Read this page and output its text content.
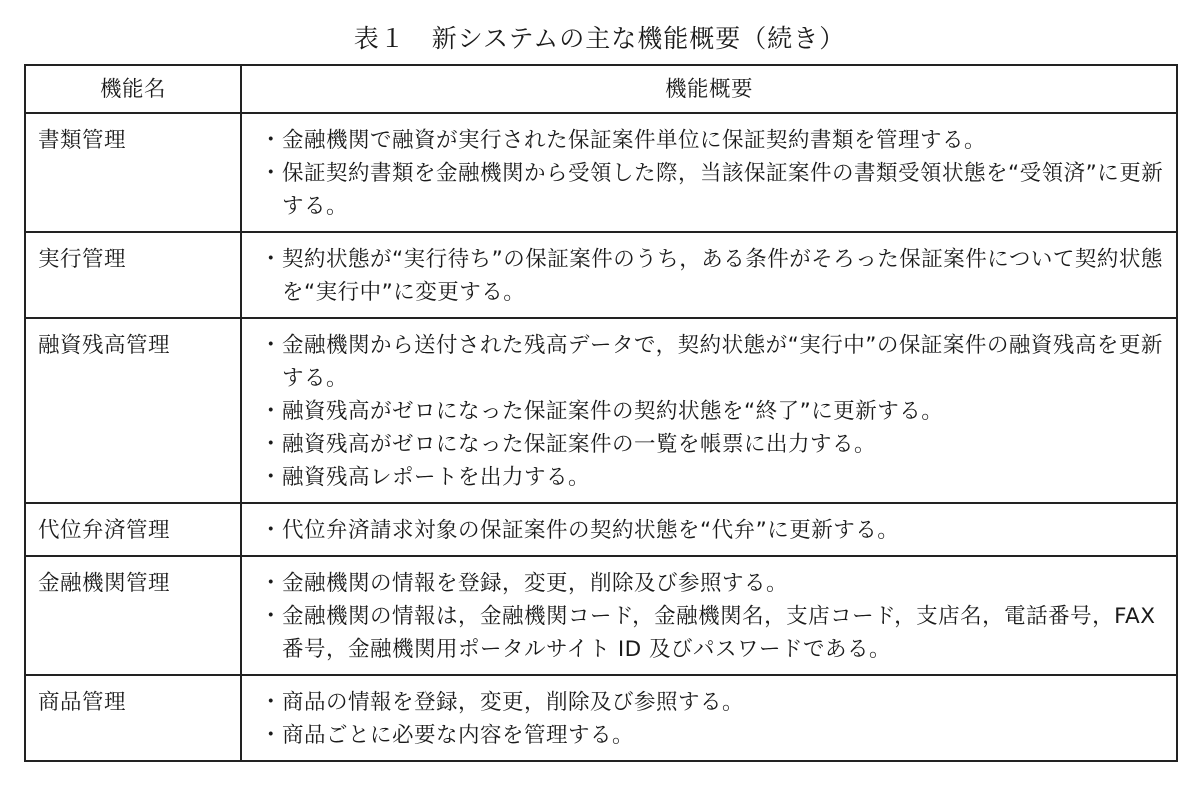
表１　新システムの主な機能概要（続き）
機能名	機能概要
書類管理	・ 金融機関で融資が実行された保証案件単位に保証契約書類を管理する。
・ 保証契約書類を金融機関から受領した際，当該保証案件の書類受領状態を“受領済”に更新する。

実行管理	・ 契約状態が“実行待ち”の保証案件のうち，ある条件がそろった保証案件について契約状態を“実行中”に変更する。

融資残高管理	・ 金融機関から送付された残高データで，契約状態が“実行中”の保証案件の融資残高を更新する。
・ 融資残高がゼロになった保証案件の契約状態を“終了”に更新する。
・ 融資残高がゼロになった保証案件の一覧を帳票に出力する。
・ 融資残高レポートを出力する。

代位弁済管理	・ 代位弁済請求対象の保証案件の契約状態を“代弁”に更新する。

金融機関管理	・ 金融機関の情報を登録，変更，削除及び参照する。
・ 金融機関の情報は，金融機関コード，金融機関名，支店コード，支店名，電話番号，FAX 番号，金融機関用ポータルサイト ID 及びパスワードである。

商品管理	・ 商品の情報を登録，変更，削除及び参照する。
・ 商品ごとに必要な内容を管理する。
